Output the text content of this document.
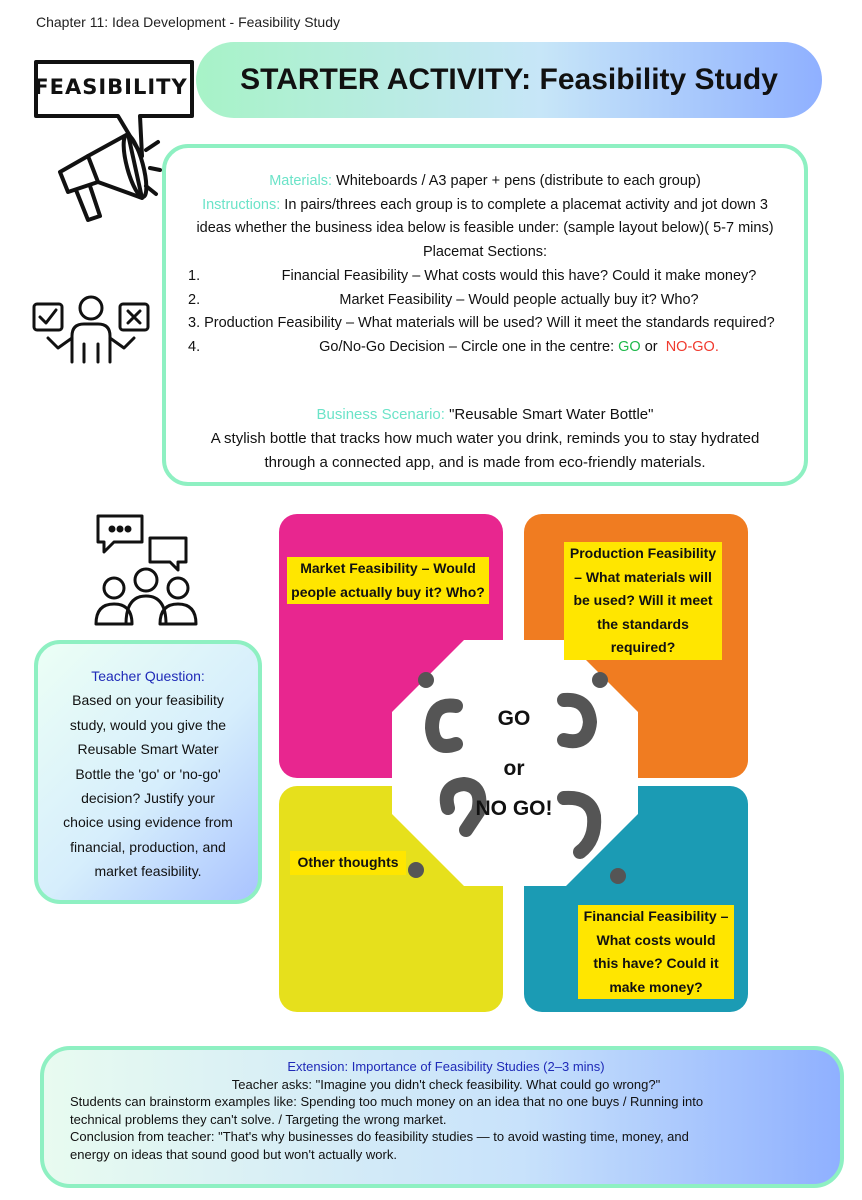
Chapter 11: Idea Development - Feasibility Study
FEASIBILITY STARTER ACTIVITY: Feasibility Study
Materials: Whiteboards / A3 paper + pens (distribute to each group)
Instructions: In pairs/threes each group is to complete a placemat activity and jot down 3
ideas whether the business idea below is feasible under: (sample layout below)( 5-7 mins)
Placemat Sections:
1.	Financial Feasibility – What costs would this have? Could it make money?
2.	Market Feasibility – Would people actually buy it? Who?
3. Production Feasibility – What materials will be used? Will it meet the standards required?
4.	Go/No-Go Decision – Circle one in the centre: GO or NO-GO.
Business Scenario: "Reusable Smart Water Bottle"
A stylish bottle that tracks how much water you drink, reminds you to stay hydrated
through a connected app, and is made from eco-friendly materials.
GO
or
NO GO!
Market Feasibility – Would
people actually buy it? Who?
Production Feasibility
– What materials will
be used? Will it meet
the standards
required?
Other thoughts
Financial Feasibility –
What costs would
this have? Could it
make money?
Teacher Question:
Based on your feasibility
study, would you give the
Reusable Smart Water
Bottle the 'go' or 'no-go'
decision? Justify your
choice using evidence from
financial, production, and
market feasibility.
Extension: Importance of Feasibility Studies (2–3 mins)
Teacher asks: "Imagine you didn't check feasibility. What could go wrong?"
Students can brainstorm examples like: Spending too much money on an idea that no one buys / Running into
technical problems they can't solve. / Targeting the wrong market.
Conclusion from teacher: "That's why businesses do feasibility studies — to avoid wasting time, money, and
energy on ideas that sound good but won't actually work.
